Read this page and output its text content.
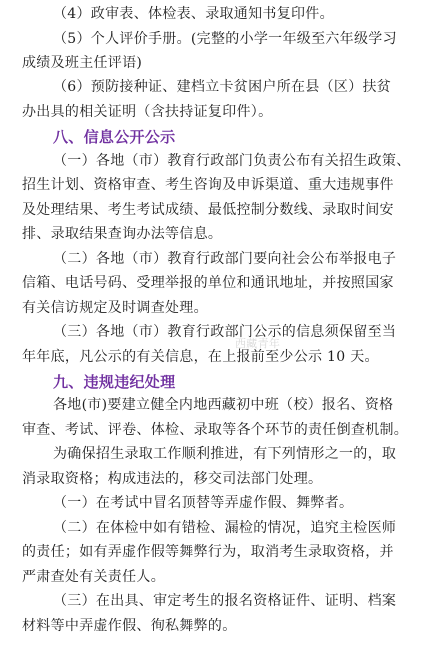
（4）政审表、体检表、录取通知书复印件。
（5）个人评价手册。(完整的小学一年级至六年级学习
成绩及班主任评语)
（6）预防接种证、建档立卡贫困户所在县（区）扶贫
办出具的相关证明（含扶持证复印件）。
八、信息公开公示
（一）各地（市）教育行政部门负责公布有关招生政策、
招生计划、资格审查、考生咨询及申诉渠道、重大违规事件
及处理结果、考生考试成绩、最低控制分数线、录取时间安
排、录取结果查询办法等信息。
（二）各地（市）教育行政部门要向社会公布举报电子
信箱、电话号码、受理举报的单位和通讯地址，并按照国家
有关信访规定及时调查处理。
（三）各地（市）教育行政部门公示的信息须保留至当
年年底，凡公示的有关信息，在上报前至少公示 10 天。
九、违规违纪处理
各地(市)要建立健全内地西藏初中班（校）报名、资格
审查、考试、评卷、体检、录取等各个环节的责任倒查机制。
为确保招生录取工作顺利推进，有下列情形之一的，取
消录取资格；构成违法的，移交司法部门处理。
（一）在考试中冒名顶替等弄虚作假、舞弊者。
（二）在体检中如有错检、漏检的情况，追究主检医师
的责任；如有弄虚作假等舞弊行为，取消考生录取资格，并
严肃查处有关责任人。
（三）在出具、审定考生的报名资格证件、证明、档案
材料等中弄虚作假、徇私舞弊的。
西藏青年
